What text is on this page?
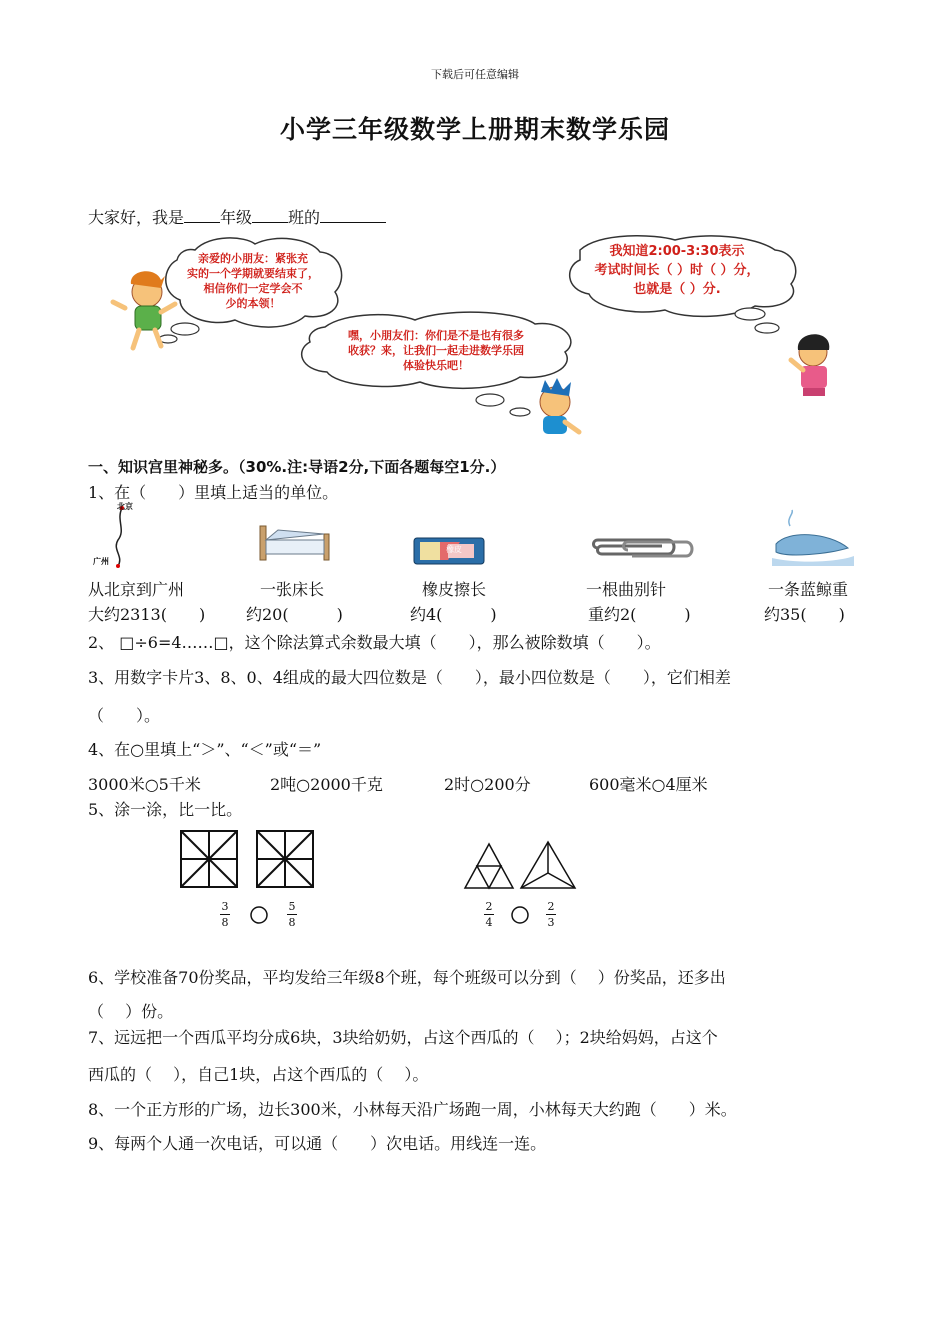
下载后可任意编辑
小学三年级数学上册期末数学乐园
大家好，我是 年级 班的
亲爱的小朋友：紧张充
实的一个学期就要结束了，
相信你们一定学会不
少的本领！
嘿，小朋友们：你们是不是也有很多
收获？来，让我们一起走进数学乐园
体验快乐吧！
我知道2:00-3:30表示
考试时间长（ ）时（ ）分，
也就是（ ）分.
一、知识宫里神秘多。（30%.注:导语2分,下面各题每空1分.）
1、在（　　）里填上适当的单位。
北京
广州
橡皮
从北京到广州
大约2313(　　)
一张床长
约20(　　　)
橡皮擦长
约4(　　　)
一根曲别针
重约2(　　　)
一条蓝鲸重
约35(　　)
2、 □÷6=4……□，这个除法算式余数最大填（　　），那么被除数填（　　）。
3、用数字卡片3、8、0、4组成的最大四位数是（　　），最小四位数是（　　），它们相差
（　　）。
4、在○里填上“＞”、“＜”或“＝”
3000米○5千米	2吨○2000千克	2时○200分	600毫米○4厘米
5、涂一涂，比一比。
3
8
5
8
2
4
2
3
6、学校准备70份奖品，平均发给三年级8个班，每个班级可以分到（　 ）份奖品，还多出
（　 ）份。
7、远远把一个西瓜平均分成6块，3块给奶奶，占这个西瓜的（　 ）；2块给妈妈，占这个
西瓜的（　 ），自己1块，占这个西瓜的（　 ）。
8、一个正方形的广场，边长300米，小林每天沿广场跑一周，小林每天大约跑（　　）米。
9、每两个人通一次电话，可以通（　　）次电话。用线连一连。
